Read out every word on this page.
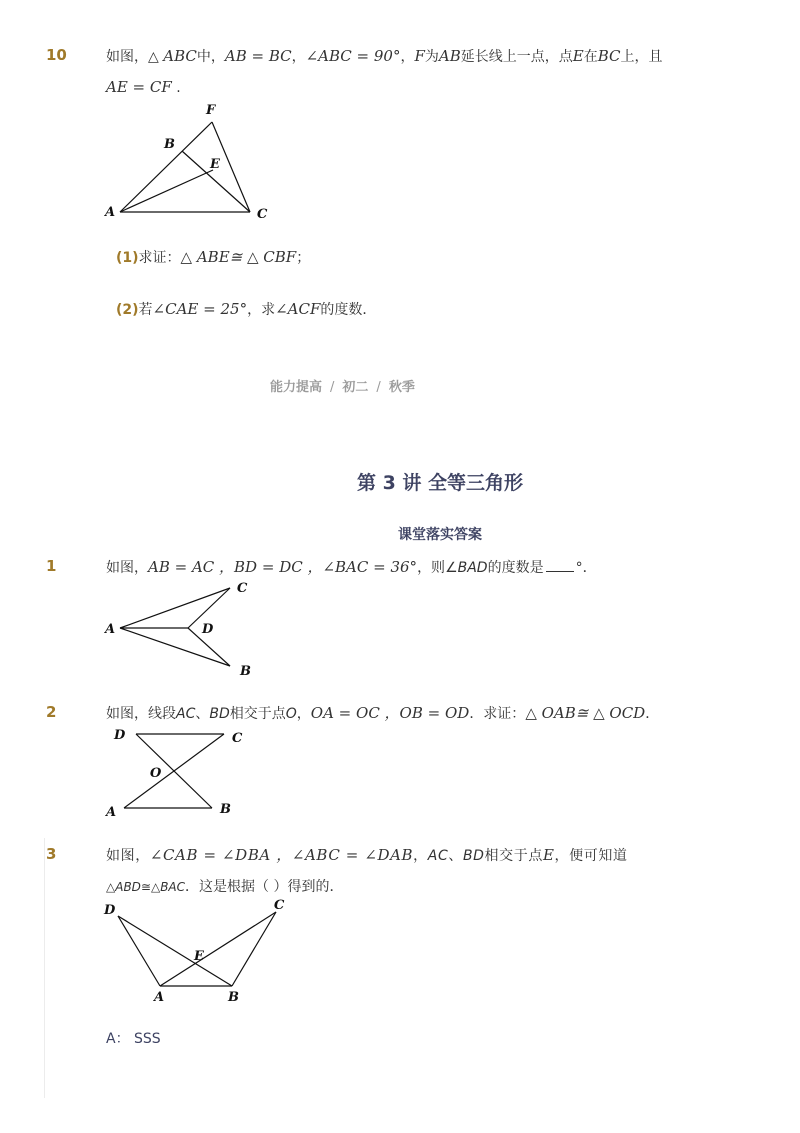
10	如图，△ ABC中，AB = BC，∠ABC = 90°，F为AB延长线上一点，点E在BC上，且
AE = CF .
F
B
E
A	C
(1)求证：△ ABE≅ △ CBF；
(2)若∠CAE = 25°，求∠ACF的度数．
能力提高 / 初二 / 秋季
第 3 讲 全等三角形
课堂落实答案
1	如图，AB = AC ，BD = DC ，∠BAC = 36°，则∠BAD的度数是 °．
C
A	D
B
2	如图，线段AC、BD相交于点O，OA = OC ，OB = OD．求证：△ OAB≅ △ OCD．
D	C
O
A	B
3	如图，∠CAB = ∠DBA ，∠ABC = ∠DAB，AC、BD相交于点E，便可知道
△ABD≅△BAC．这是根据（ ）得到的．
D	C
E
A	B
A： SSS
